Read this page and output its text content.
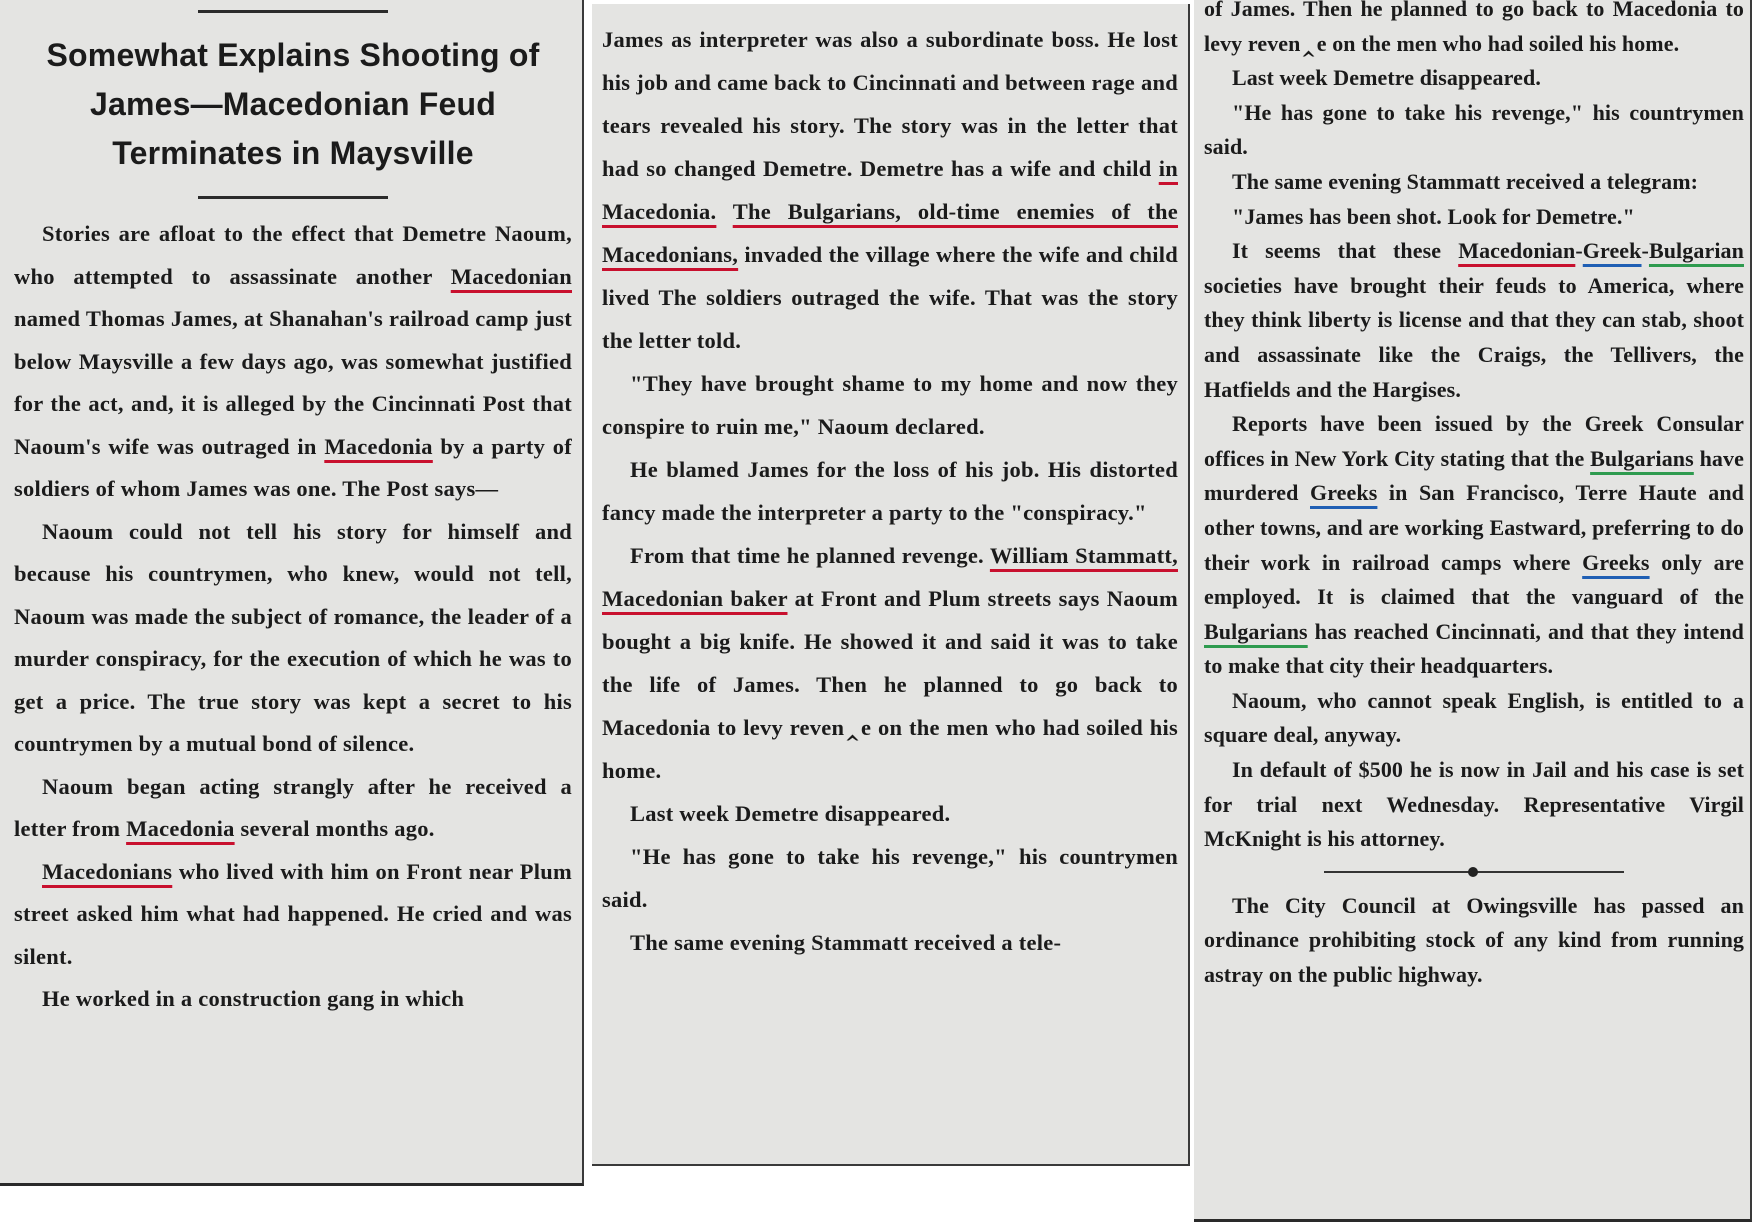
Somewhat Explains Shooting of James—Macedonian Feud Terminates in Maysville

Stories are afloat to the effect that Demetre Naoum, who attempted to assassinate another Macedonian named Thomas James, at Shanahan's railroad camp just below Maysville a few days ago, was somewhat justified for the act, and, it is alleged by the Cincinnati Post that Naoum's wife was outraged in Macedonia by a party of soldiers of whom James was one. The Post says—

Naoum could not tell his story for himself and because his countrymen, who knew, would not tell, Naoum was made the subject of romance, the leader of a murder conspiracy, for the execution of which he was to get a price. The true story was kept a secret to his countrymen by a mutual bond of silence.

Naoum began acting strangly after he received a letter from Macedonia several months ago.

Macedonians who lived with him on Front near Plum street asked him what had happened. He cried and was silent.

He worked in a construction gang in which

James as interpreter was also a subordinate boss. He lost his job and came back to Cincinnati and between rage and tears revealed his story. The story was in the letter that had so changed Demetre. Demetre has a wife and child in Macedonia. The Bulgarians, old-time enemies of the Macedonians, invaded the village where the wife and child lived The soldiers outraged the wife. That was the story the letter told.

"They have brought shame to my home and now they conspire to ruin me," Naoum declared.

He blamed James for the loss of his job. His distorted fancy made the interpreter a party to the "conspiracy."

From that time he planned revenge. William Stammatt, Macedonian baker at Front and Plum streets says Naoum bought a big knife. He showed it and said it was to take the life of James. Then he planned to go back to Macedonia to levy reven‸e on the men who had soiled his home.

Last week Demetre disappeared.

"He has gone to take his revenge," his countrymen said.

The same evening Stammatt received a tele-

of James. Then he planned to go back to Macedonia to levy reven‸e on the men who had soiled his home.

Last week Demetre disappeared.

"He has gone to take his revenge," his countrymen said.

The same evening Stammatt received a telegram:

"James has been shot. Look for Demetre."

It seems that these Macedonian-Greek-Bulgarian societies have brought their feuds to America, where they think liberty is license and that they can stab, shoot and assassinate like the Craigs, the Tellivers, the Hatfields and the Hargises.

Reports have been issued by the Greek Consular offices in New York City stating that the Bulgarians have murdered Greeks in San Francisco, Terre Haute and other towns, and are working Eastward, preferring to do their work in railroad camps where Greeks only are employed. It is claimed that the vanguard of the Bulgarians has reached Cincinnati, and that they intend to make that city their headquarters.

Naoum, who cannot speak English, is entitled to a square deal, anyway.

In default of $500 he is now in Jail and his case is set for trial next Wednesday. Representative Virgil McKnight is his attorney.

The City Council at Owingsville has passed an ordinance prohibiting stock of any kind from running astray on the public highway.
